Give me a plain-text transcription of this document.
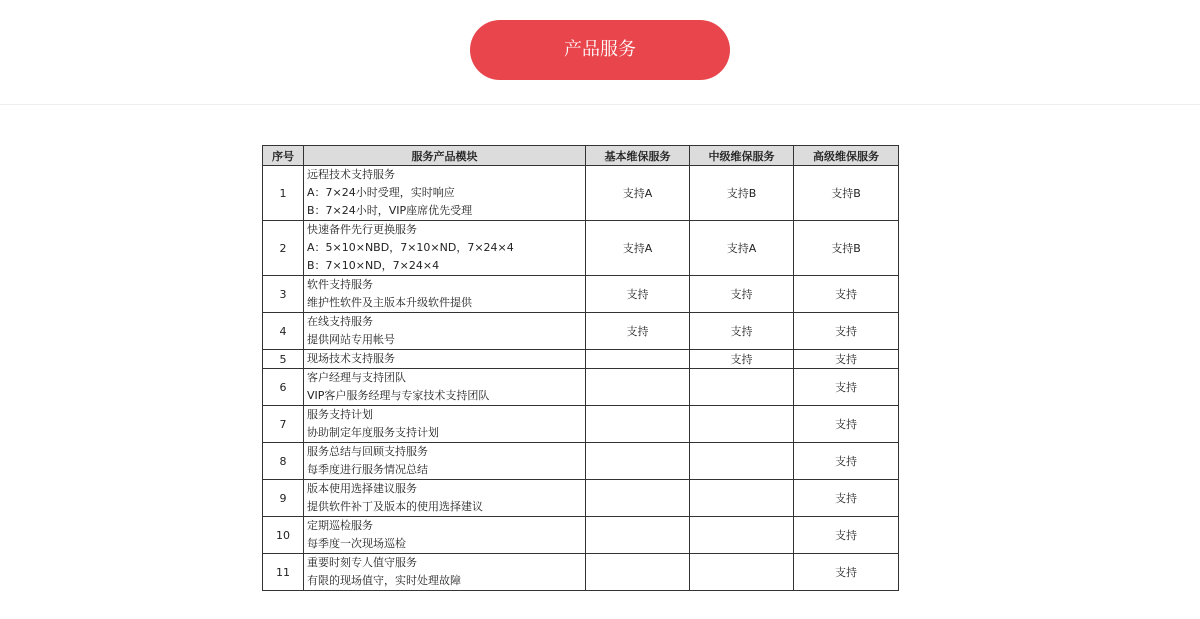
产品服务
序号	服务产品模块	基本维保服务	中级维保服务	高级维保服务
1	远程技术支持服务
A：7×24小时受理，实时响应
B：7×24小时，VIP座席优先受理	支持A	支持B	支持B
2	快速备件先行更换服务
A：5×10×NBD，7×10×ND，7×24×4
B：7×10×ND，7×24×4	支持A	支持A	支持B
3	软件支持服务
维护性软件及主版本升级软件提供	支持	支持	支持
4	在线支持服务
提供网站专用帐号	支持	支持	支持
5	现场技术支持服务		支持	支持
6	客户经理与支持团队
VIP客户服务经理与专家技术支持团队			支持
7	服务支持计划
协助制定年度服务支持计划			支持
8	服务总结与回顾支持服务
每季度进行服务情况总结			支持
9	版本使用选择建议服务
提供软件补丁及版本的使用选择建议			支持
10	定期巡检服务
每季度一次现场巡检			支持
11	重要时刻专人值守服务
有限的现场值守，实时处理故障			支持
